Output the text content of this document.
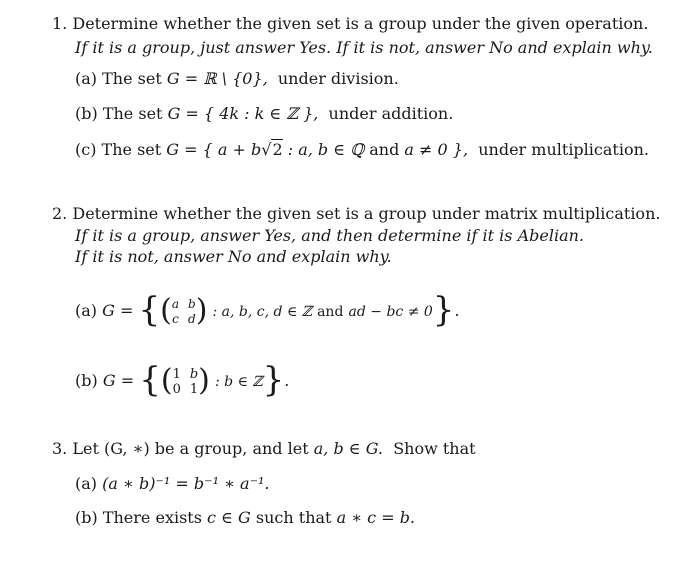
1. Determine whether the given set is a group under the given operation.
If it is a group, just answer Yes. If it is not, answer No and explain why.
(a) The set G = ℝ \ {0}, under division.
(b) The set G = { 4k : k ∈ ℤ }, under addition.
(c) The set G = { a + b√2 : a, b ∈ ℚ and a ≠ 0 }, under multiplication.
2. Determine whether the given set is a group under matrix multiplication.
If it is a group, answer Yes, and then determine if it is Abelian.
If it is not, answer No and explain why.
(a) G = {( a b
c d ) : a, b, c, d ∈ ℤ and ad − bc ≠ 0}.
(b) G = {( 1 b
0 1 ) : b ∈ ℤ}.
3. Let (G, ∗) be a group, and let a, b ∈ G. Show that
(a) (a ∗ b)⁻¹ = b⁻¹ ∗ a⁻¹.
(b) There exists c ∈ G such that a ∗ c = b.
